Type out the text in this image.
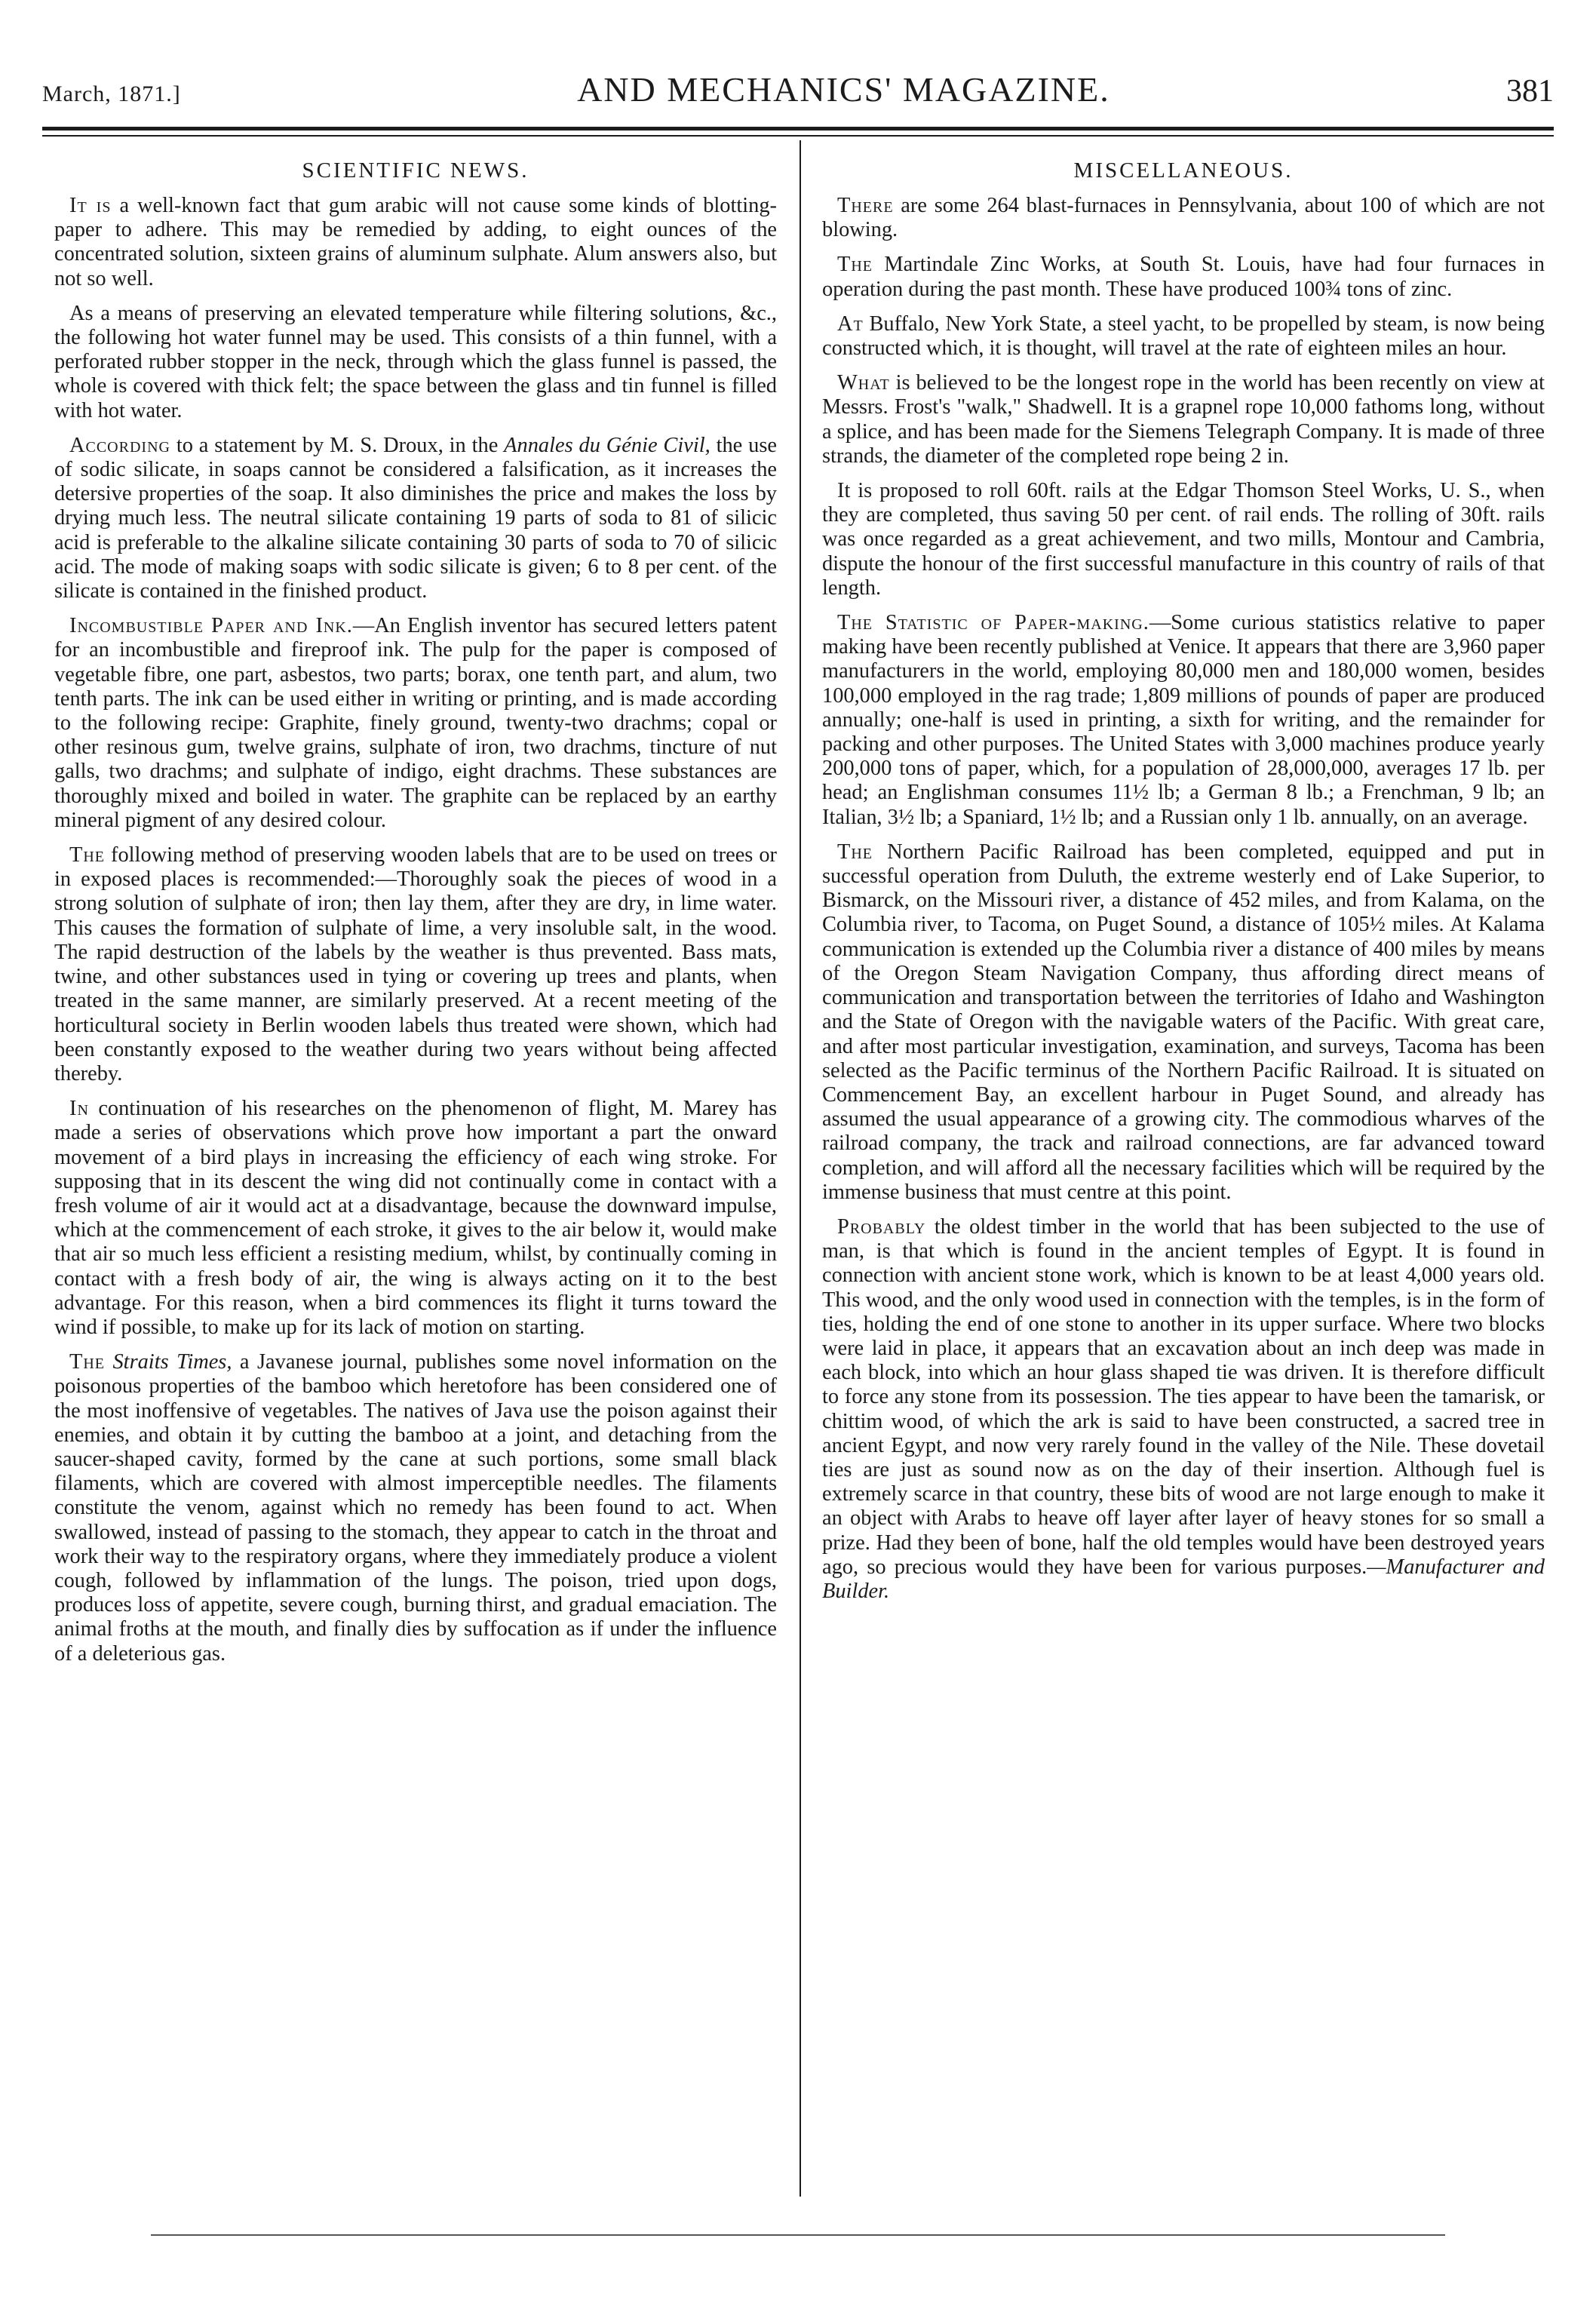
March, 1871.]	AND MECHANICS' MAGAZINE.	381
SCIENTIFIC NEWS.

It is a well-known fact that gum arabic will not cause some kinds of blotting-paper to adhere. This may be remedied by adding, to eight ounces of the concentrated solution, sixteen grains of aluminum sulphate. Alum answers also, but not so well.

As a means of preserving an elevated temperature while filtering solutions, &c., the following hot water funnel may be used. This consists of a thin funnel, with a perforated rubber stopper in the neck, through which the glass funnel is passed, the whole is covered with thick felt; the space between the glass and tin funnel is filled with hot water.

According to a statement by M. S. Droux, in the Annales du Génie Civil, the use of sodic silicate, in soaps cannot be considered a falsification, as it increases the detersive properties of the soap. It also diminishes the price and makes the loss by drying much less. The neutral silicate containing 19 parts of soda to 81 of silicic acid is preferable to the alkaline silicate containing 30 parts of soda to 70 of silicic acid. The mode of making soaps with sodic silicate is given; 6 to 8 per cent. of the silicate is contained in the finished product.

Incombustible Paper and Ink.—An English inventor has secured letters patent for an incombustible and fireproof ink. The pulp for the paper is composed of vegetable fibre, one part, asbestos, two parts; borax, one tenth part, and alum, two tenth parts. The ink can be used either in writing or printing, and is made according to the following recipe: Graphite, finely ground, twenty-two drachms; copal or other resinous gum, twelve grains, sulphate of iron, two drachms, tincture of nut galls, two drachms; and sulphate of indigo, eight drachms. These substances are thoroughly mixed and boiled in water. The graphite can be replaced by an earthy mineral pigment of any desired colour.

The following method of preserving wooden labels that are to be used on trees or in exposed places is recommended:—Thoroughly soak the pieces of wood in a strong solution of sulphate of iron; then lay them, after they are dry, in lime water. This causes the formation of sulphate of lime, a very insoluble salt, in the wood. The rapid destruction of the labels by the weather is thus prevented. Bass mats, twine, and other substances used in tying or covering up trees and plants, when treated in the same manner, are similarly preserved. At a recent meeting of the horticultural society in Berlin wooden labels thus treated were shown, which had been constantly exposed to the weather during two years without being affected thereby.

In continuation of his researches on the phenomenon of flight, M. Marey has made a series of observations which prove how important a part the onward movement of a bird plays in increasing the efficiency of each wing stroke. For supposing that in its descent the wing did not continually come in contact with a fresh volume of air it would act at a disadvantage, because the downward impulse, which at the commencement of each stroke, it gives to the air below it, would make that air so much less efficient a resisting medium, whilst, by continually coming in contact with a fresh body of air, the wing is always acting on it to the best advantage. For this reason, when a bird commences its flight it turns toward the wind if possible, to make up for its lack of motion on starting.

The Straits Times, a Javanese journal, publishes some novel information on the poisonous properties of the bamboo which heretofore has been considered one of the most inoffensive of vegetables. The natives of Java use the poison against their enemies, and obtain it by cutting the bamboo at a joint, and detaching from the saucer-shaped cavity, formed by the cane at such portions, some small black filaments, which are covered with almost imperceptible needles. The filaments constitute the venom, against which no remedy has been found to act. When swallowed, instead of passing to the stomach, they appear to catch in the throat and work their way to the respiratory organs, where they immediately produce a violent cough, followed by inflammation of the lungs. The poison, tried upon dogs, produces loss of appetite, severe cough, burning thirst, and gradual emaciation. The animal froths at the mouth, and finally dies by suffocation as if under the influence of a deleterious gas.

MISCELLANEOUS.

There are some 264 blast-furnaces in Pennsylvania, about 100 of which are not blowing.

The Martindale Zinc Works, at South St. Louis, have had four furnaces in operation during the past month. These have produced 100¾ tons of zinc.

At Buffalo, New York State, a steel yacht, to be propelled by steam, is now being constructed which, it is thought, will travel at the rate of eighteen miles an hour.

What is believed to be the longest rope in the world has been recently on view at Messrs. Frost's "walk," Shadwell. It is a grapnel rope 10,000 fathoms long, without a splice, and has been made for the Siemens Telegraph Company. It is made of three strands, the diameter of the completed rope being 2 in.

It is proposed to roll 60ft. rails at the Edgar Thomson Steel Works, U. S., when they are completed, thus saving 50 per cent. of rail ends. The rolling of 30ft. rails was once regarded as a great achievement, and two mills, Montour and Cambria, dispute the honour of the first successful manufacture in this country of rails of that length.

The Statistic of Paper-making.—Some curious statistics relative to paper making have been recently published at Venice. It appears that there are 3,960 paper manufacturers in the world, employing 80,000 men and 180,000 women, besides 100,000 employed in the rag trade; 1,809 millions of pounds of paper are produced annually; one-half is used in printing, a sixth for writing, and the remainder for packing and other purposes. The United States with 3,000 machines produce yearly 200,000 tons of paper, which, for a population of 28,000,000, averages 17 lb. per head; an Englishman consumes 11½ lb; a German 8 lb.; a Frenchman, 9 lb; an Italian, 3½ lb; a Spaniard, 1½ lb; and a Russian only 1 lb. annually, on an average.

The Northern Pacific Railroad has been completed, equipped and put in successful operation from Duluth, the extreme westerly end of Lake Superior, to Bismarck, on the Missouri river, a distance of 452 miles, and from Kalama, on the Columbia river, to Tacoma, on Puget Sound, a distance of 105½ miles. At Kalama communication is extended up the Columbia river a distance of 400 miles by means of the Oregon Steam Navigation Company, thus affording direct means of communication and transportation between the territories of Idaho and Washington and the State of Oregon with the navigable waters of the Pacific. With great care, and after most particular investigation, examination, and surveys, Tacoma has been selected as the Pacific terminus of the Northern Pacific Railroad. It is situated on Commencement Bay, an excellent harbour in Puget Sound, and already has assumed the usual appearance of a growing city. The commodious wharves of the railroad company, the track and railroad connections, are far advanced toward completion, and will afford all the necessary facilities which will be required by the immense business that must centre at this point.

Probably the oldest timber in the world that has been subjected to the use of man, is that which is found in the ancient temples of Egypt. It is found in connection with ancient stone work, which is known to be at least 4,000 years old. This wood, and the only wood used in connection with the temples, is in the form of ties, holding the end of one stone to another in its upper surface. Where two blocks were laid in place, it appears that an excavation about an inch deep was made in each block, into which an hour glass shaped tie was driven. It is therefore difficult to force any stone from its possession. The ties appear to have been the tamarisk, or chittim wood, of which the ark is said to have been constructed, a sacred tree in ancient Egypt, and now very rarely found in the valley of the Nile. These dovetail ties are just as sound now as on the day of their insertion. Although fuel is extremely scarce in that country, these bits of wood are not large enough to make it an object with Arabs to heave off layer after layer of heavy stones for so small a prize. Had they been of bone, half the old temples would have been destroyed years ago, so precious would they have been for various purposes.—Manufacturer and Builder.
